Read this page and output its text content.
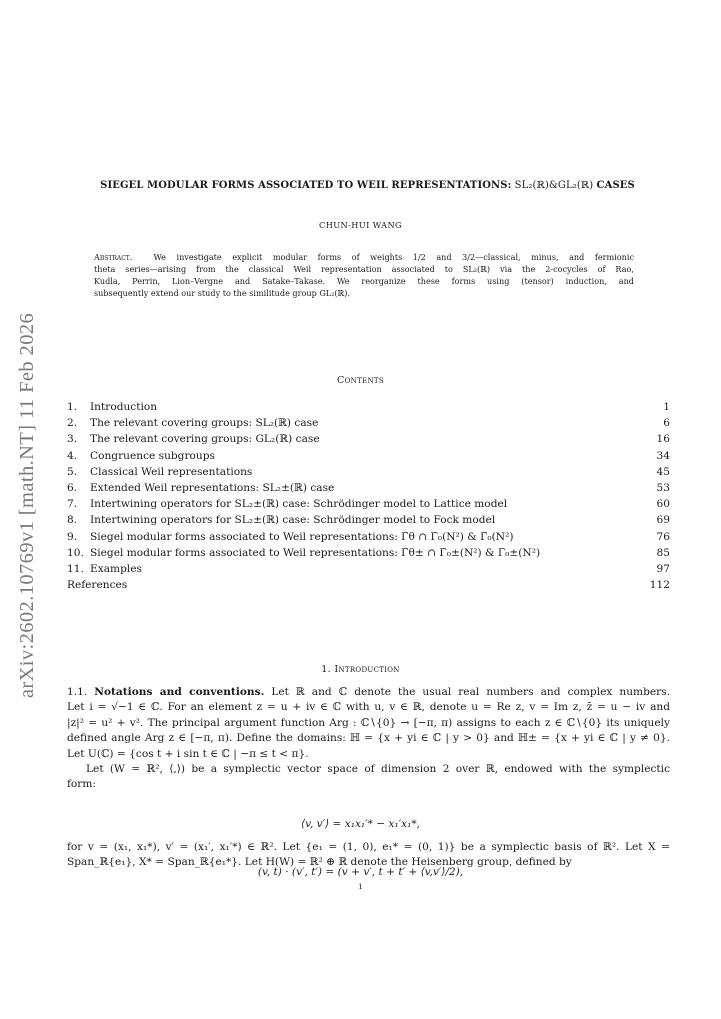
arXiv:2602.10769v1 [math.NT] 11 Feb 2026
SIEGEL MODULAR FORMS ASSOCIATED TO WEIL REPRESENTATIONS: SL₂(ℝ)&GL₂(ℝ) CASES
CHUN-HUI WANG
Abstract.	We investigate explicit modular forms of weights 1/2 and 3/2—classical, minus, and fermionic
theta series—arising from the classical Weil representation associated to SL₂(ℝ) via the 2-cocycles of Rao,
Kudla, Perrin, Lion–Vergne and Satake–Takase. We reorganize these forms using (tensor) induction, and
subsequently extend our study to the similitude group GL₂(ℝ).
Contents
1.	Introduction	1
2.	The relevant covering groups: SL₂(ℝ) case	6
3.	The relevant covering groups: GL₂(ℝ) case	16
4.	Congruence subgroups	34
5.	Classical Weil representations	45
6.	Extended Weil representations: SL₂±(ℝ) case	53
7.	Intertwining operators for SL₂±(ℝ) case: Schrödinger model to Lattice model	60
8.	Intertwining operators for SL₂±(ℝ) case: Schrödinger model to Fock model	69
9.	Siegel modular forms associated to Weil representations: Γ̄θ ∩ Γ̄₀(N²) & Γ̄₀(N²)	76
10. Siegel modular forms associated to Weil representations: Γ̄θ± ∩ Γ̄₀±(N²) & Γ̄₀±(N²)	85
11. Examples	97
References	112
1. Introduction
1.1. Notations and conventions. Let ℝ and ℂ denote the usual real numbers and complex numbers.
Let i = √−1 ∈ ℂ. For an element z = u + iv ∈ ℂ with u, v ∈ ℝ, denote u = Re z, v = Im z, z̄ = u − iv and
|z|² = u² + v². The principal argument function Arg : ℂ∖{0} → [−π, π) assigns to each z ∈ ℂ∖{0} its uniquely
defined angle Arg z ∈ [−π, π). Define the domains: ℍ = {x + yi ∈ ℂ | y > 0} and ℍ± = {x + yi ∈ ℂ | y ≠ 0}.
Let U(ℂ) = {cos t + i sin t ∈ ℂ | −π ≤ t < π}.
Let (W = ℝ², ⟨,⟩) be a symplectic vector space of dimension 2 over ℝ, endowed with the symplectic
form:
⟨v, v′⟩ = x₁x₁′* − x₁′x₁*,
for v = (x₁, x₁*), v′ = (x₁′, x₁′*) ∈ ℝ². Let {e₁ = (1, 0), e₁* = (0, 1)} be a symplectic basis of ℝ². Let X =
Span_ℝ{e₁}, X* = Span_ℝ{e₁*}. Let H(W) = ℝ² ⊕ ℝ denote the Heisenberg group, defined by
(v, t) · (v′, t′) = (v + v′, t + t′ + ⟨v,v′⟩/2),
1
